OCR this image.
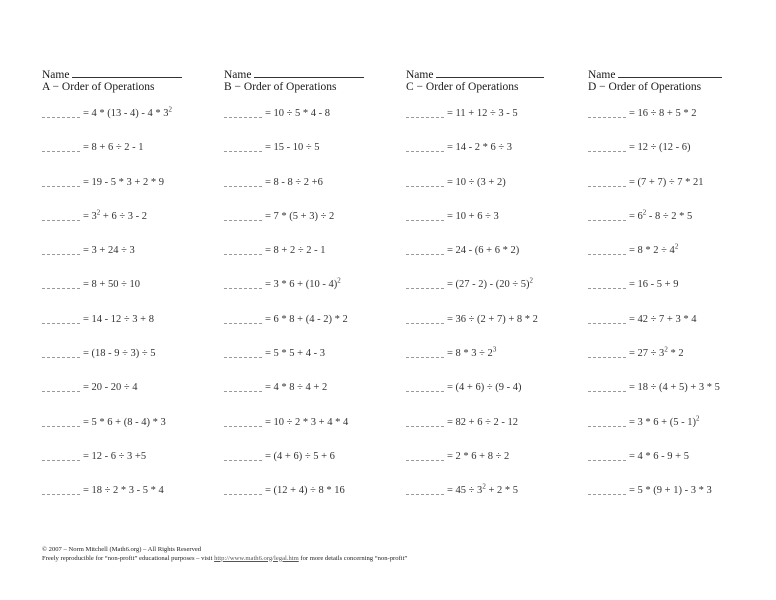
Name
A − Order of Operations
= $4 * (13 - 4) - 4 * 3^2$
= 8 + 6 ÷ 2 - 1
= 19 - 5 * 3 + 2 * 9
= $3^2 + 6 \div 3 - 2$
= 3 + 24 ÷ 3
= 8 + 50 ÷ 10
= 14 - 12 ÷ 3 + 8
= (18 - 9 ÷ 3) ÷ 5
= 20 - 20 ÷ 4
= 5 * 6 + (8 - 4) * 3
= 12 - 6 ÷ 3 +5
= 18 ÷ 2 * 3 - 5 * 4
Name
B − Order of Operations
= 10 ÷ 5 * 4 - 8
= 15 - 10 ÷ 5
= 8 - 8 ÷ 2 +6
= 7 * (5 + 3) ÷ 2
= 8 + 2 ÷ 2 - 1
= 3 * 6 + (10 - 4)$^2$
= 6 * 8 + (4 - 2) * 2
= 5 * 5 + 4 - 3
= 4 * 8 ÷ 4 + 2
= 10 ÷ 2 * 3 + 4 * 4
= (4 + 6) ÷ 5 + 6
= (12 + 4) ÷ 8 * 16
Name
C − Order of Operations
= 11 + 12 ÷ 3 - 5
= 14 - 2 * 6 ÷ 3
= 10 ÷ (3 + 2)
= 10 + 6 ÷ 3
= 24 - (6 + 6 * 2)
= $(27 - 2) - (20 \div 5)^2$
= 36 ÷ (2 + 7) + 8 * 2
= $8 * 3 \div 2^3$
= (4 + 6) ÷ (9 - 4)
= 82 + 6 ÷ 2 - 12
= 2 * 6 + 8 ÷ 2
= $45 \div 3^2 + 2 * 5$
Name
D − Order of Operations
= 16 ÷ 8 + 5 * 2
= 12 ÷ (12 - 6)
= (7 + 7) ÷ 7 * 21
= $6^2 - 8 \div 2 * 5$
= $8 * 2 \div 4^2$
= 16 - 5 + 9
= 42 ÷ 7 + 3 * 4
= $27 \div 3^2 * 2$
= 18 ÷ (4 + 5) + 3 * 5
= 3 * 6 + (5 - 1)$^2$
= 4 * 6 - 9 + 5
= 5 * (9 + 1) - 3 * 3
© 2007 – Norm Mitchell (Math6.org) – All Rights Reserved
Freely reproducible for “non-profit” educational purposes – visit http://www.math6.org/legal.htm for more details concerning “non-profit”
